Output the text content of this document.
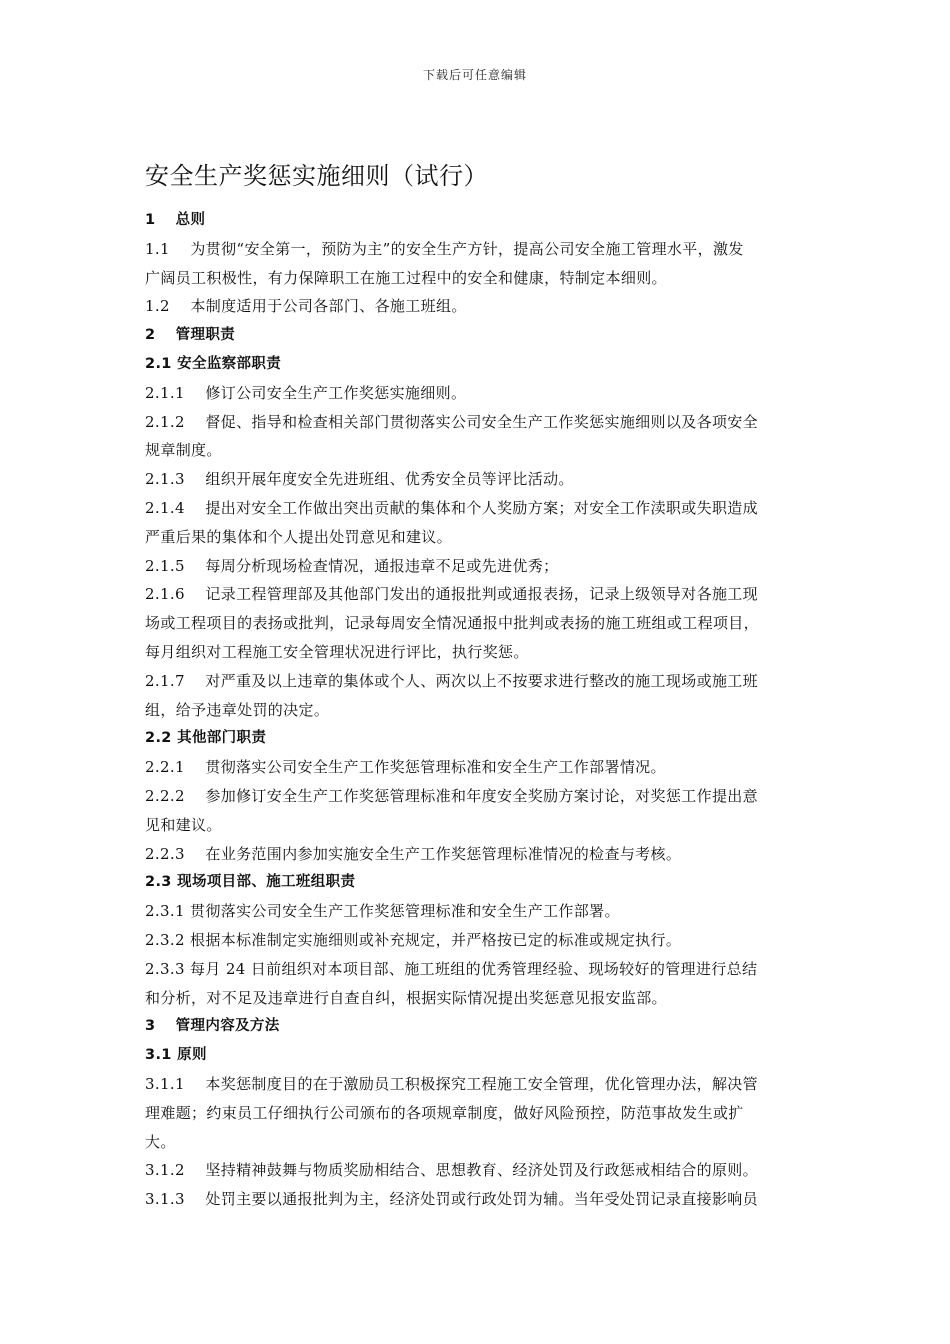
下载后可任意编辑
安全生产奖惩实施细则（试行）
1　 总则
1.1　 为贯彻“安全第一，预防为主”的安全生产方针，提高公司安全施工管理水平，激发
广阔员工积极性，有力保障职工在施工过程中的安全和健康，特制定本细则。
1.2　 本制度适用于公司各部门、各施工班组。
2　 管理职责
2.1 安全监察部职责
2.1.1　 修订公司安全生产工作奖惩实施细则。
2.1.2　 督促、指导和检查相关部门贯彻落实公司安全生产工作奖惩实施细则以及各项安全
规章制度。
2.1.3　 组织开展年度安全先进班组、优秀安全员等评比活动。
2.1.4　 提出对安全工作做出突出贡献的集体和个人奖励方案；对安全工作渎职或失职造成
严重后果的集体和个人提出处罚意见和建议。
2.1.5　 每周分析现场检查情况，通报违章不足或先进优秀；
2.1.6　 记录工程管理部及其他部门发出的通报批判或通报表扬，记录上级领导对各施工现
场或工程项目的表扬或批判，记录每周安全情况通报中批判或表扬的施工班组或工程项目，
每月组织对工程施工安全管理状况进行评比，执行奖惩。
2.1.7　 对严重及以上违章的集体或个人、两次以上不按要求进行整改的施工现场或施工班
组，给予违章处罚的决定。
2.2 其他部门职责
2.2.1　 贯彻落实公司安全生产工作奖惩管理标准和安全生产工作部署情况。
2.2.2　 参加修订安全生产工作奖惩管理标准和年度安全奖励方案讨论，对奖惩工作提出意
见和建议。
2.2.3　 在业务范围内参加实施安全生产工作奖惩管理标准情况的检查与考核。
2.3 现场项目部、施工班组职责
2.3.1 贯彻落实公司安全生产工作奖惩管理标准和安全生产工作部署。
2.3.2 根据本标准制定实施细则或补充规定，并严格按已定的标准或规定执行。
2.3.3 每月 24 日前组织对本项目部、施工班组的优秀管理经验、现场较好的管理进行总结
和分析，对不足及违章进行自查自纠，根据实际情况提出奖惩意见报安监部。
3　 管理内容及方法
3.1 原则
3.1.1　 本奖惩制度目的在于激励员工积极探究工程施工安全管理，优化管理办法，解决管
理难题；约束员工仔细执行公司颁布的各项规章制度，做好风险预控，防范事故发生或扩
大。
3.1.2　 坚持精神鼓舞与物质奖励相结合、思想教育、经济处罚及行政惩戒相结合的原则。
3.1.3　 处罚主要以通报批判为主，经济处罚或行政处罚为辅。当年受处罚记录直接影响员
